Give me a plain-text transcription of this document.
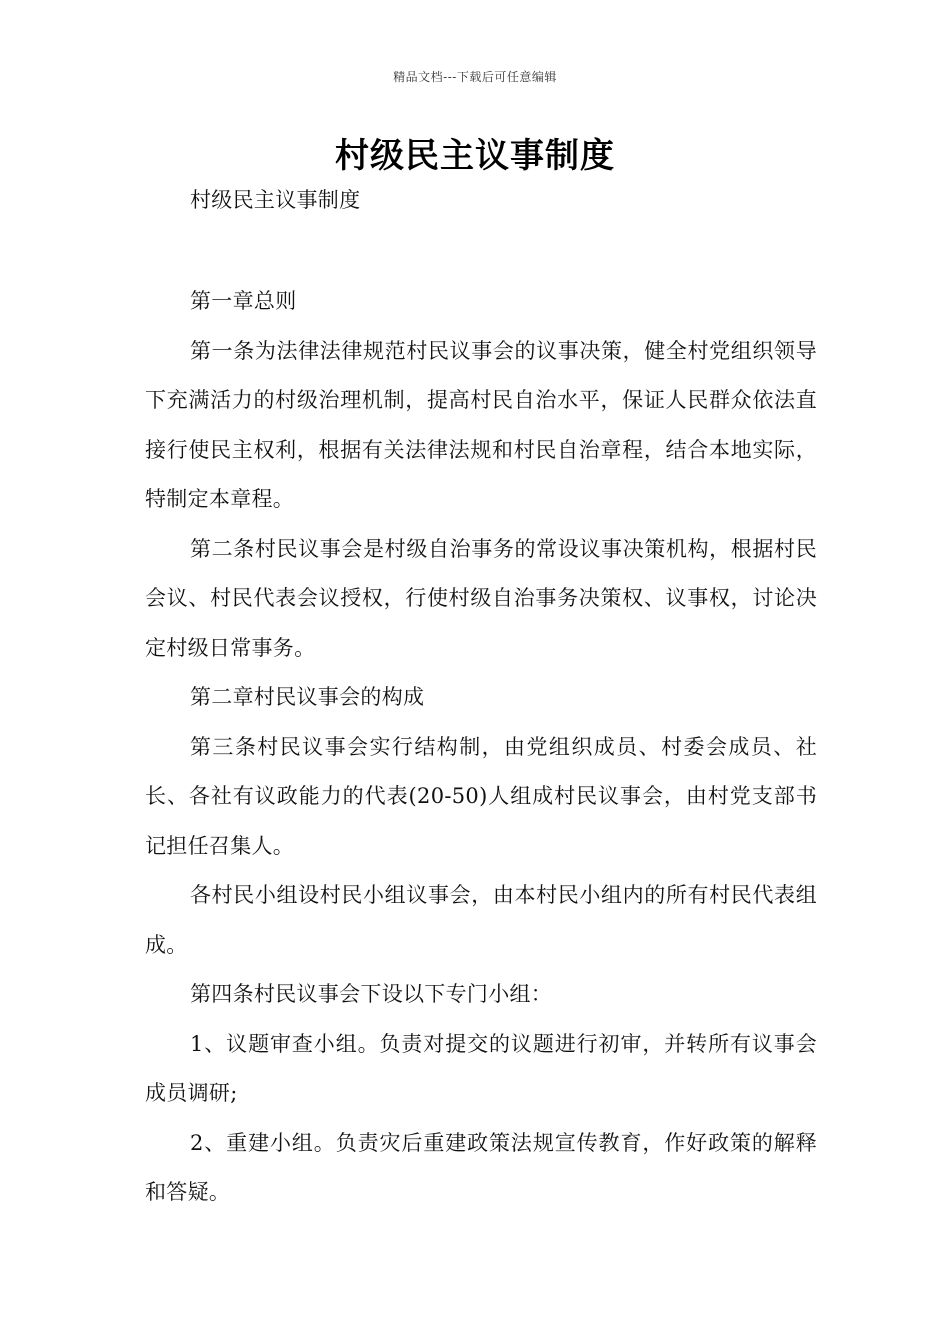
精品文档---下载后可任意编辑
村级民主议事制度
村级民主议事制度

第一章总则

第一条为法律法律规范村民议事会的议事决策，健全村党组织领导下充满活力的村级治理机制，提高村民自治水平，保证人民群众依法直接行使民主权利，根据有关法律法规和村民自治章程，结合本地实际，特制定本章程。

第二条村民议事会是村级自治事务的常设议事决策机构，根据村民会议、村民代表会议授权，行使村级自治事务决策权、议事权，讨论决定村级日常事务。

第二章村民议事会的构成

第三条村民议事会实行结构制，由党组织成员、村委会成员、社长、各社有议政能力的代表(20-50)人组成村民议事会，由村党支部书记担任召集人。

各村民小组设村民小组议事会，由本村民小组内的所有村民代表组成。

第四条村民议事会下设以下专门小组：

1、议题审查小组。负责对提交的议题进行初审，并转所有议事会成员调研;

2、重建小组。负责灾后重建政策法规宣传教育，作好政策的解释和答疑。
